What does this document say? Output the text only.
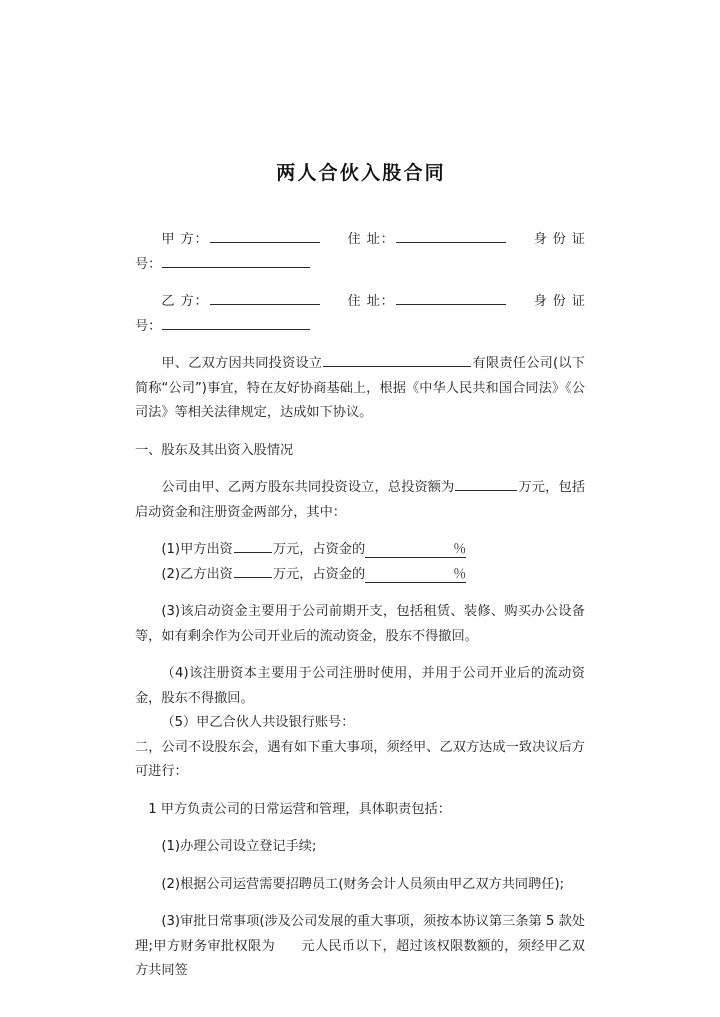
两人合伙入股合同

甲 方：	住 址：	身 份 证 号：

乙 方：	住 址：	身 份 证 号：

甲、乙双方因共同投资设立	有限责任公司(以下简称“公司”)事宜，特在友好协商基础上，根据《中华人民共和国合同法》《公司法》等相关法律规定，达成如下协议。

一、股东及其出资入股情况

公司由甲、乙两方股东共同投资设立，总投资额为	万元，包括启动资金和注册资金两部分，其中：

(1)甲方出资	万元，占资金的	％

(2)乙方出资	万元，占资金的	％

(3)该启动资金主要用于公司前期开支，包括租赁、装修、购买办公设备等，如有剩余作为公司开业后的流动资金，股东不得撤回。

（4)该注册资本主要用于公司注册时使用，并用于公司开业后的流动资金，股东不得撤回。

（5）甲乙合伙人共设银行账号：

二，公司不设股东会，遇有如下重大事项，须经甲、乙双方达成一致决议后方可进行：

1 甲方负责公司的日常运营和管理，具体职责包括：

(1)办理公司设立登记手续;

(2)根据公司运营需要招聘员工(财务会计人员须由甲乙双方共同聘任);

(3)审批日常事项(涉及公司发展的重大事项，须按本协议第三条第 5 款处理;甲方财务审批权限为 元人民币以下，超过该权限数额的，须经甲乙双方共同签
